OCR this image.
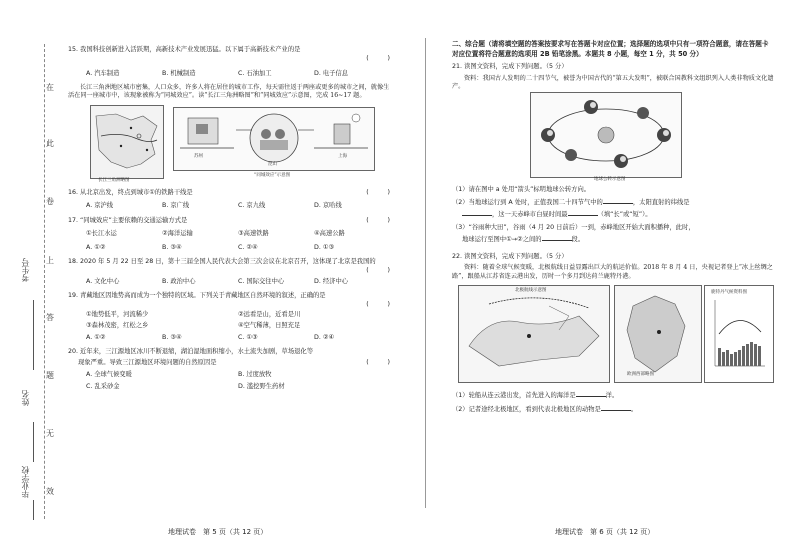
在
此
卷
上
答
题
无
效
考生号
姓名
毕业学校

15. 我国科技创新进入活跃期，高新技术产业发展迅猛。以下属于高新技术产业的是

(　　　)
A. 汽车制造	B. 机械制造	C. 石油加工	D. 电子信息

长江三角洲地区城市密集，人口众多，许多人将在居住的城市工作，每天需往返于两座或更多的城市之间，就像生活在同一座城市中，该现象被称为“同城效应”。读“长江三角洲略图”和“同城效应”示意图，完成 16~17 题。

长江三角洲略图
苏州
昆山
上海
“同城效应”示意图

16. 从北京出发，终点到城市①的铁路干线是	(　　　)
A. 京沪线	B. 京广线	C. 京九线	D. 京哈线

17. “同城效应”主要依赖的交通运输方式是	(　　　)
①长江水运	②海洋运输	③高速铁路	④高速公路
A. ①②	B. ③④	C. ②④	D. ①③

18. 2020 年 5 月 22 日至 28 日，第十三届全国人民代表大会第三次会议在北京召开，这体现了北京是我国的

(　　　)
A. 文化中心	B. 政治中心	C. 国际交往中心	D. 经济中心

19. 青藏地区因地势高而成为一个独特的区域。下列关于青藏地区自然环境的叙述，正确的是

(　　　)
①地势低平，河流稀少	②远看是山，近看是川
③森林茂密，红松之乡	④空气稀薄，日照充足
A. ①②	B. ③④	C. ①③	D. ②④

20. 近年来，三江源地区冰川不断退缩，湖泊湿地面积缩小，水土流失加剧，草场退化等

现象严重。导致三江源地区环境问题的自然原因是	(　　　)
A. 全球气候变暖	B. 过度放牧
C. 乱采砂金	D. 滥挖野生药材
地理试卷　第 5 页（共 12 页）

二、综合题（请将填空题的答案按要求写在答题卡对应位置；选择题的选项中只有一项符合题意，请在答题卡对应位置将符合题意的选项用 2B 铅笔涂黑。本题共 8 小题，每空 1 分，共 50 分）

21. 读图文资料，完成下列问题。（5 分）

资料：我国古人发明的二十四节气，被誉为中国古代的“第五大发明”，被联合国教科文组织列入人类非物质文化遗产。

地球公转示意图

（1）请在图中 a 处用“箭头”标明地球公转方向。

（2）当地球运行到 A 处时，正值我国二十四节气中的	，太阳直射的纬线是

，这一天赤峰市白昼时间最	（填“长”或“短”）。

（3）“谷雨种大田”，谷雨（4 月 20 日前后）一到，赤峰地区开始大面积播种，此时，

地球运行至图中①→②之间的	段。

22. 读图文资料，完成下列问题。（5 分）

资料：随着全球气候变暖，北极航线日益显露出巨大的航运价值。2018 年 8 月 4 日，央视记者登上“冰上丝绸之路”，跟船从江苏省连云港出发，历时一个多月到达荷兰鹿特丹港。

北极航线示意图
欧洲西部略图
鹿特丹气候资料图

（1）轮船从连云港出发，首先进入的海洋是	洋。

（2）记者途经北极地区，看到代表北极地区的动物是	。

地理试卷　第 6 页（共 12 页）
